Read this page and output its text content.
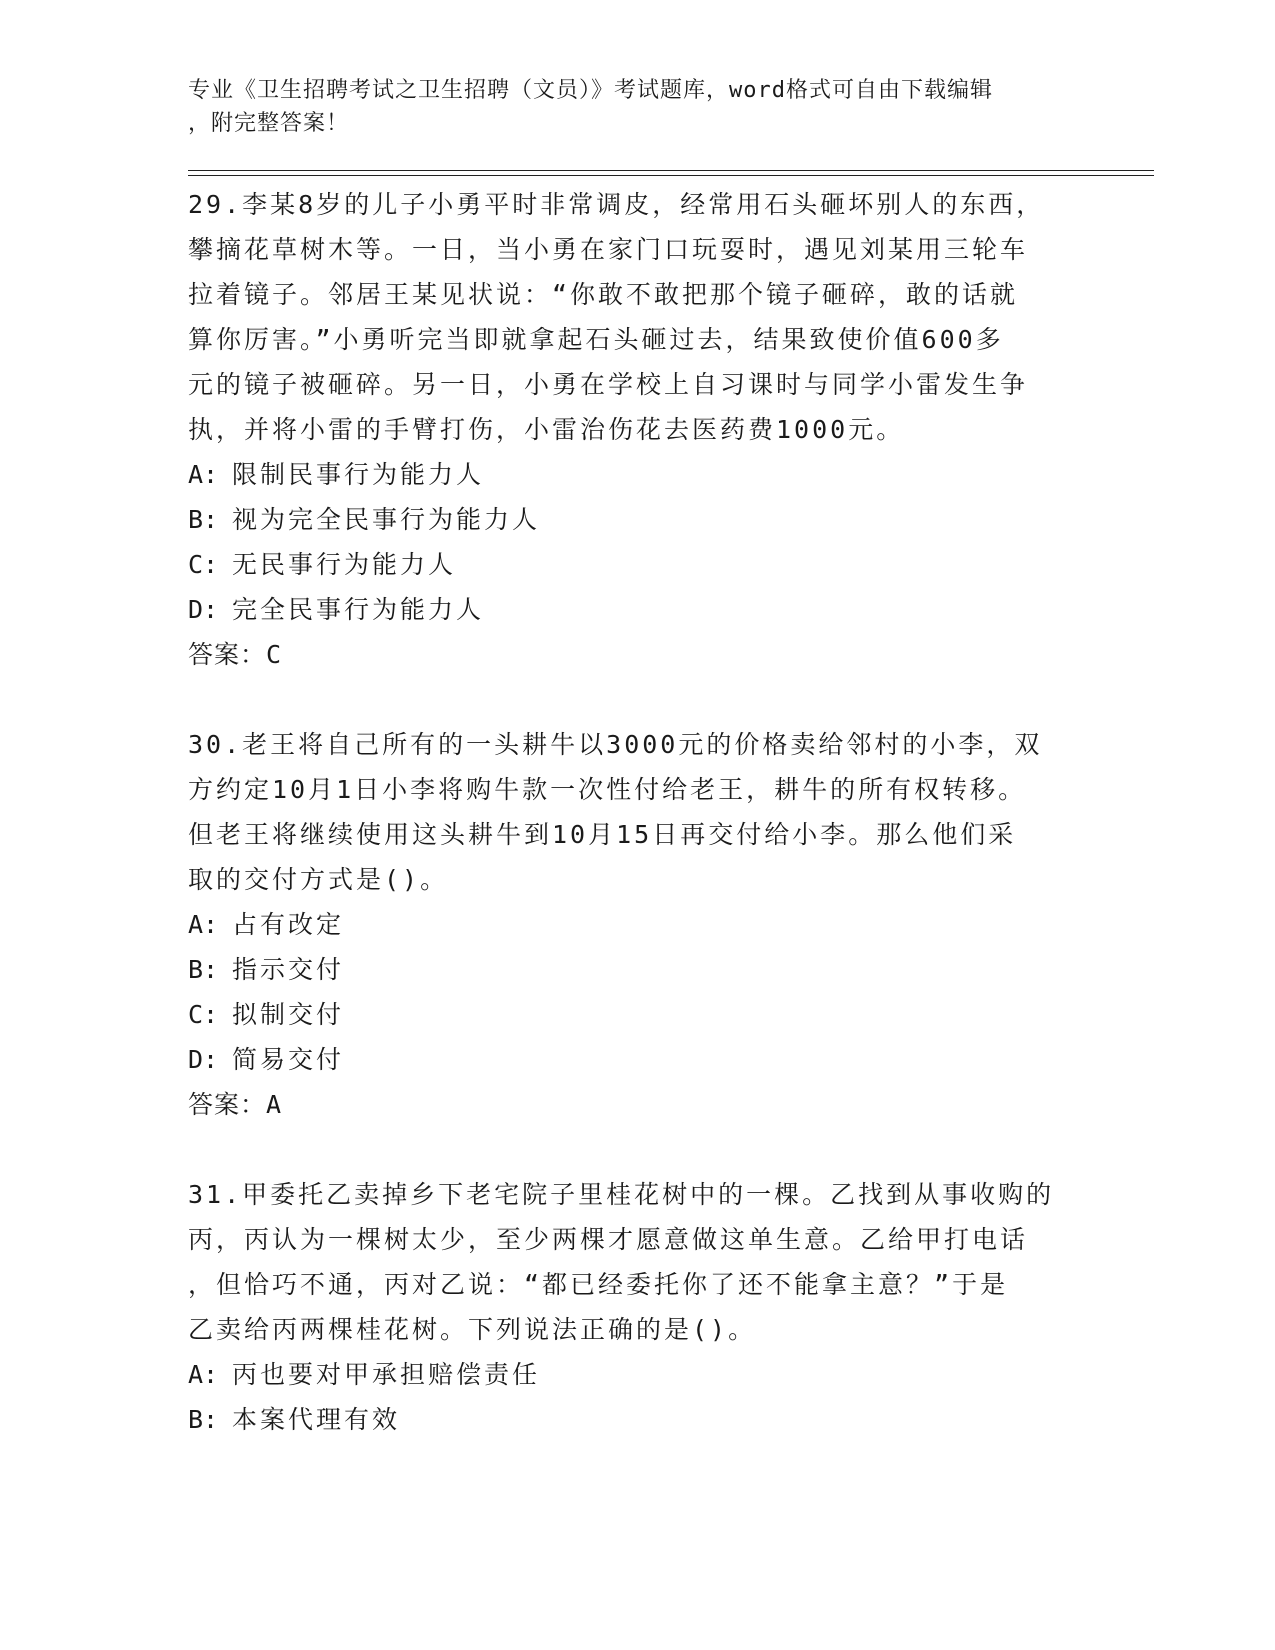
专业《卫生招聘考试之卫生招聘（文员）》考试题库，word格式可自由下载编辑
，附完整答案！
29.李某8岁的儿子小勇平时非常调皮，经常用石头砸坏别人的东西，
攀摘花草树木等。一日，当小勇在家门口玩耍时，遇见刘某用三轮车
拉着镜子。邻居王某见状说：“你敢不敢把那个镜子砸碎，敢的话就
算你厉害。”小勇听完当即就拿起石头砸过去，结果致使价值600多
元的镜子被砸碎。另一日，小勇在学校上自习课时与同学小雷发生争
执，并将小雷的手臂打伤，小雷治伤花去医药费1000元。
A: 限制民事行为能力人
B: 视为完全民事行为能力人
C: 无民事行为能力人
D: 完全民事行为能力人
答案：C
30.老王将自己所有的一头耕牛以3000元的价格卖给邻村的小李，双
方约定10月1日小李将购牛款一次性付给老王，耕牛的所有权转移。
但老王将继续使用这头耕牛到10月15日再交付给小李。那么他们采
取的交付方式是()。
A: 占有改定
B: 指示交付
C: 拟制交付
D: 简易交付
答案：A
31.甲委托乙卖掉乡下老宅院子里桂花树中的一棵。乙找到从事收购的
丙，丙认为一棵树太少，至少两棵才愿意做这单生意。乙给甲打电话
，但恰巧不通，丙对乙说：“都已经委托你了还不能拿主意？”于是
乙卖给丙两棵桂花树。下列说法正确的是()。
A: 丙也要对甲承担赔偿责任
B: 本案代理有效
